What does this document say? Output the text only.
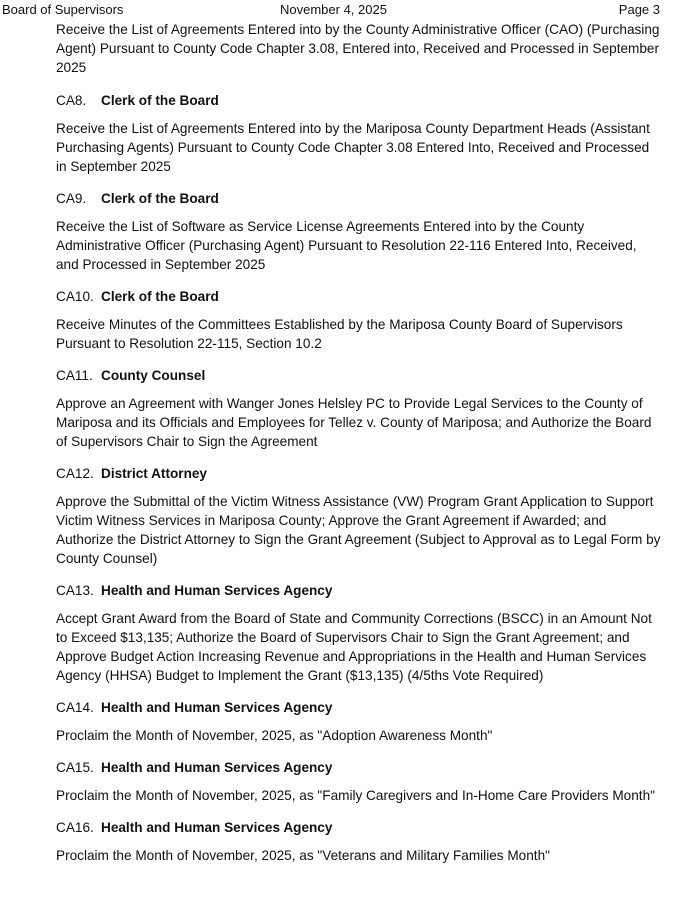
Board of Supervisors	November 4, 2025	Page 3

Receive the List of Agreements Entered into by the County Administrative Officer (CAO) (Purchasing Agent) Pursuant to County Code Chapter 3.08, Entered into, Received and Processed in September 2025

CA8. Clerk of the Board

Receive the List of Agreements Entered into by the Mariposa County Department Heads (Assistant Purchasing Agents) Pursuant to County Code Chapter 3.08 Entered Into, Received and Processed in September 2025

CA9. Clerk of the Board

Receive the List of Software as Service License Agreements Entered into by the County Administrative Officer (Purchasing Agent) Pursuant to Resolution 22-116 Entered Into, Received, and Processed in September 2025

CA10. Clerk of the Board

Receive Minutes of the Committees Established by the Mariposa County Board of Supervisors Pursuant to Resolution 22-115, Section 10.2

CA11. County Counsel

Approve an Agreement with Wanger Jones Helsley PC to Provide Legal Services to the County of Mariposa and its Officials and Employees for Tellez v. County of Mariposa; and Authorize the Board of Supervisors Chair to Sign the Agreement

CA12. District Attorney

Approve the Submittal of the Victim Witness Assistance (VW) Program Grant Application to Support Victim Witness Services in Mariposa County; Approve the Grant Agreement if Awarded; and Authorize the District Attorney to Sign the Grant Agreement (Subject to Approval as to Legal Form by County Counsel)

CA13. Health and Human Services Agency

Accept Grant Award from the Board of State and Community Corrections (BSCC) in an Amount Not to Exceed $13,135; Authorize the Board of Supervisors Chair to Sign the Grant Agreement; and Approve Budget Action Increasing Revenue and Appropriations in the Health and Human Services Agency (HHSA) Budget to Implement the Grant ($13,135) (4/5ths Vote Required)

CA14. Health and Human Services Agency

Proclaim the Month of November, 2025, as "Adoption Awareness Month"

CA15. Health and Human Services Agency

Proclaim the Month of November, 2025, as "Family Caregivers and In-Home Care Providers Month"

CA16. Health and Human Services Agency

Proclaim the Month of November, 2025, as "Veterans and Military Families Month"
